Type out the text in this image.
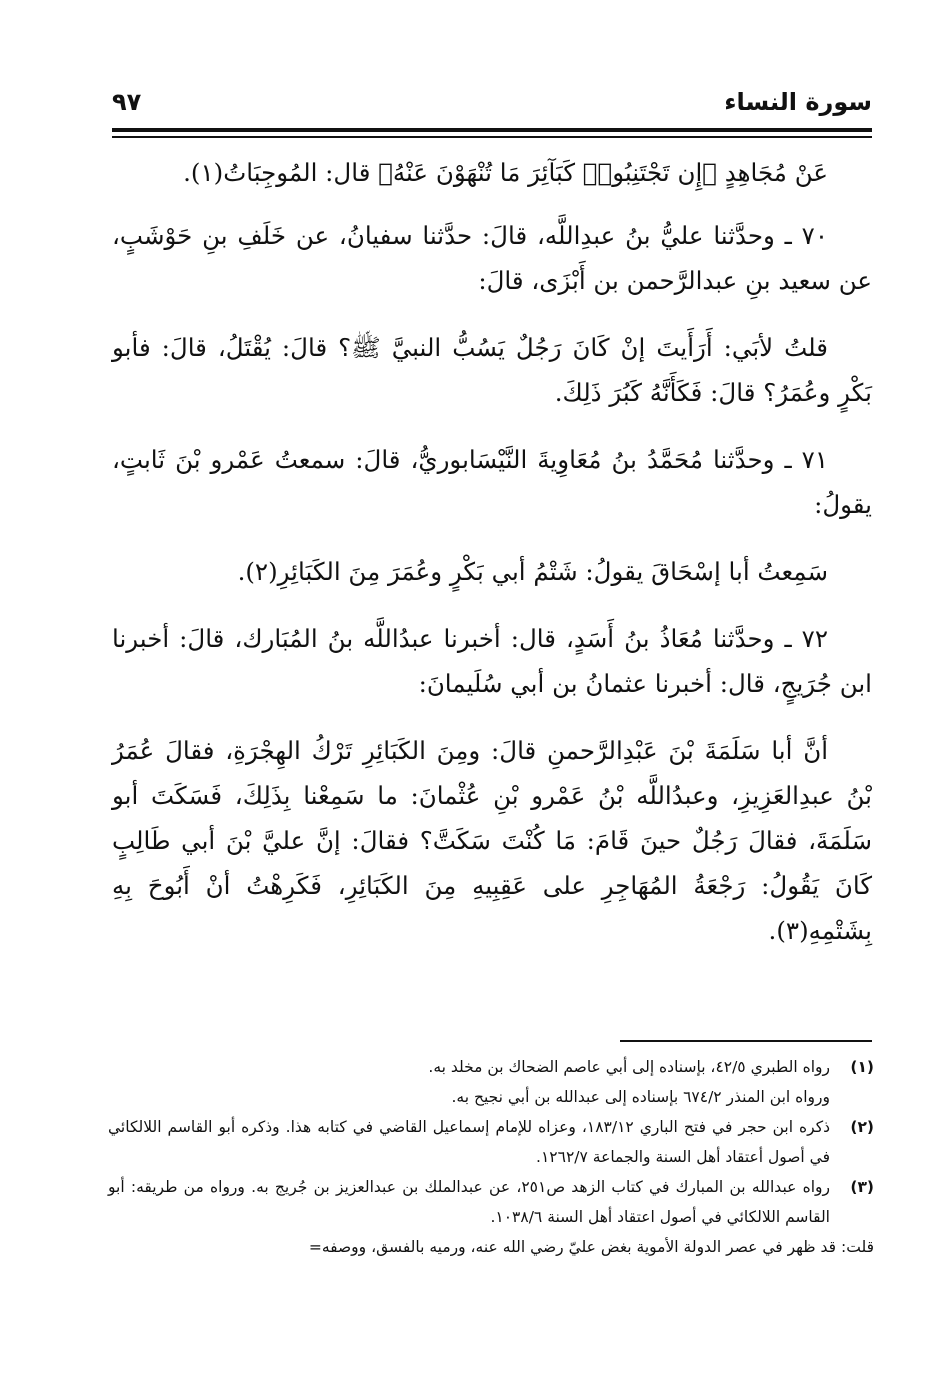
سورة النساء
٩٧

عَنْ مُجَاهِدٍ ﴿إِن تَجْتَنِبُوا۟ كَبَآئِرَ مَا تُنْهَوْنَ عَنْهُ﴾ قال: المُوجِبَاتُ(١).

٧٠ ـ وحدَّثنا عليُّ بنُ عبدِاللَّه، قالَ: حدَّثنا سفيانُ، عن خَلَفِ بنِ حَوْشَبٍ، عن سعيد بنِ عبدالرَّحمن بن أَبْزَى، قالَ:

قلتُ لأبَي: أَرَأَيتَ إنْ كَانَ رَجُلٌ يَسُبُّ النبيَّ ﷺ؟ قالَ: يُقْتَلُ، قالَ: فأبو بَكْرٍ وعُمَرُ؟ قالَ: فَكَأَنَّهُ كَبُرَ ذَلِكَ.

٧١ ـ وحدَّثنا مُحَمَّدُ بنُ مُعَاوِيةَ النَّيْسَابوريُّ، قالَ: سمعتُ عَمْرو بْنَ ثَابتٍ، يقولُ:

سَمِعتُ أبا إسْحَاقَ يقولُ: شَتْمُ أبي بَكْرٍ وعُمَرَ مِنَ الكَبَائِرِ(٢).

٧٢ ـ وحدَّثنا مُعَاذُ بنُ أَسَدٍ، قال: أخبرنا عبدُاللَّه بنُ المُبَارك، قالَ: أخبرنا ابن جُرَيجٍ، قال: أخبرنا عثمانُ بن أبي سُلَيمانَ:

أنَّ أبا سَلَمَةَ بْنَ عَبْدِالرَّحمنِ قالَ: ومِنَ الكَبَائِرِ تَرْكُ الهِجْرَةِ، فقالَ عُمَرُ بْنُ عبدِالعَزِيزِ، وعبدُاللَّه بْنُ عَمْرو بْنِ عُثْمانَ: ما سَمِعْنا بِذَلِكَ، فَسَكَتَ أبو سَلَمَةَ، فقالَ رَجُلٌ حينَ قَامَ: مَا كُنْتَ سَكَتَّ؟ فقالَ: إنَّ عليَّ بْنَ أبي طَالِبٍ كَانَ يَقُولُ: رَجْعَةُ المُهَاجِرِ على عَقِبِيهِ مِنَ الكَبَائِرِ، فَكَرِهْتُ أنْ أَبُوحَ بِهِ بِشَتْمِهِ(٣).

(١)
رواه الطبري ٤٢/٥، بإسناده إلى أبي عاصم الضحاك بن مخلد به.
ورواه ابن المنذر ٦٧٤/٢ بإسناده إلى عبدالله بن أبي نجيح به.
(٢)
ذكره ابن حجر في فتح الباري ١٨٣/١٢، وعزاه للإمام إسماعيل القاضي في كتابه هذا. وذكره أبو القاسم اللالكائي في أصول أعتقاد أهل السنة والجماعة ١٢٦٢/٧.
(٣)
رواه عبدالله بن المبارك في كتاب الزهد ص٢٥١، عن عبدالملك بن عبدالعزيز بن جُريج به. ورواه من طريقه: أبو القاسم اللالكائي في أصول اعتقاد أهل السنة ١٠٣٨/٦.

قلت: قد ظهر في عصر الدولة الأموية بغض عليّ رضي الله عنه، ورميه بالفسق، ووصفه=
